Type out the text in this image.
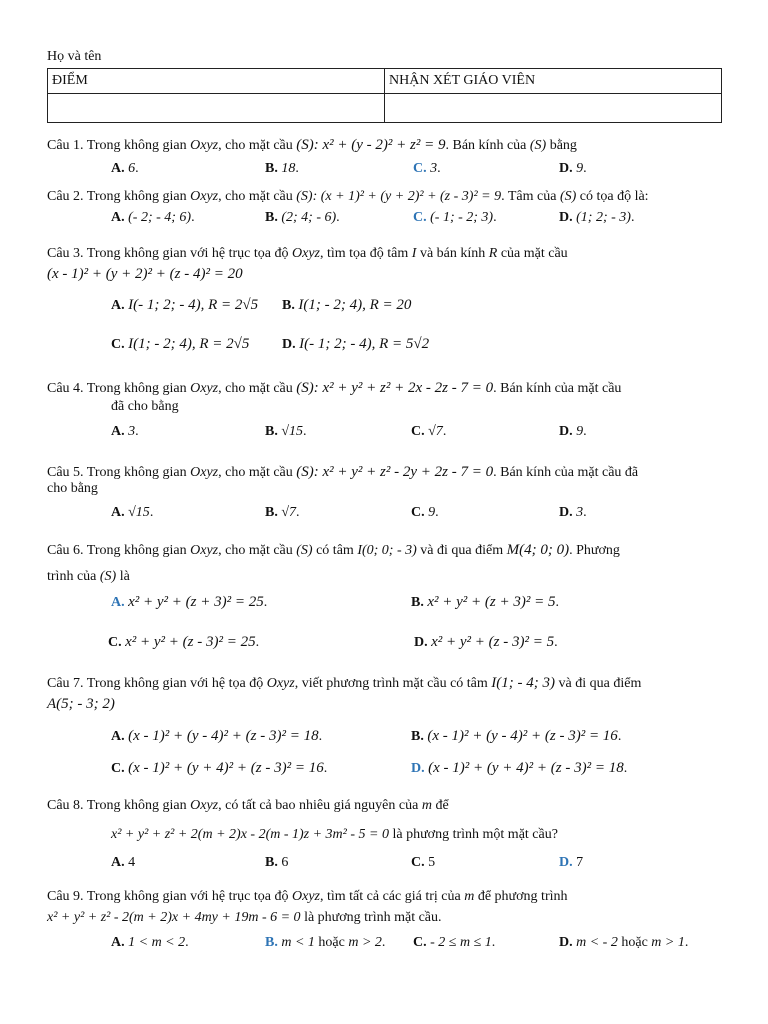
Họ và tên
ĐIỂM	NHẬN XÉT GIÁO VIÊN

Câu 1. Trong không gian Oxyz, cho mặt cầu (S): x² + (y - 2)² + z² = 9. Bán kính của (S) bằng
A. 6.	B. 18.	C. 3.	D. 9.
Câu 2. Trong không gian Oxyz, cho mặt cầu (S): (x + 1)² + (y + 2)² + (z - 3)² = 9. Tâm của (S) có tọa độ là:
A. (- 2; - 4; 6).	B. (2; 4; - 6).	C. (- 1; - 2; 3).	D. (1; 2; - 3).
Câu 3. Trong không gian với hệ trục tọa độ Oxyz, tìm tọa độ tâm I và bán kính R của mặt cầu
(x - 1)² + (y + 2)² + (z - 4)² = 20
A. I(- 1; 2; - 4), R = 2√5 B. I(1; - 2; 4), R = 20
C. I(1; - 2; 4), R = 2√5 D. I(- 1; 2; - 4), R = 5√2
Câu 4. Trong không gian Oxyz, cho mặt cầu (S): x² + y² + z² + 2x - 2z - 7 = 0. Bán kính của mặt cầu
đã cho bằng
A. 3.	B. √15.	C. √7.	D. 9.
Câu 5. Trong không gian Oxyz, cho mặt cầu (S): x² + y² + z² - 2y + 2z - 7 = 0. Bán kính của mặt cầu đã
cho bằng
A. √15.	B. √7.	C. 9.	D. 3.
Câu 6. Trong không gian Oxyz, cho mặt cầu (S) có tâm I(0; 0; - 3) và đi qua điểm M(4; 0; 0). Phương
trình của (S) là
A. x² + y² + (z + 3)² = 25.	B. x² + y² + (z + 3)² = 5.
C. x² + y² + (z - 3)² = 25.	D. x² + y² + (z - 3)² = 5.
Câu 7. Trong không gian với hệ tọa độ Oxyz, viết phương trình mặt cầu có tâm I(1; - 4; 3) và đi qua điểm
A(5; - 3; 2)
A. (x - 1)² + (y - 4)² + (z - 3)² = 18.	B. (x - 1)² + (y - 4)² + (z - 3)² = 16.
C. (x - 1)² + (y + 4)² + (z - 3)² = 16.	D. (x - 1)² + (y + 4)² + (z - 3)² = 18.
Câu 8. Trong không gian Oxyz, có tất cả bao nhiêu giá nguyên của m để
x² + y² + z² + 2(m + 2)x - 2(m - 1)z + 3m² - 5 = 0 là phương trình một mặt cầu?
A. 4	B. 6	C. 5	D. 7
Câu 9. Trong không gian với hệ trục tọa độ Oxyz, tìm tất cả các giá trị của m để phương trình
x² + y² + z² - 2(m + 2)x + 4my + 19m - 6 = 0 là phương trình mặt cầu.
A. 1 < m < 2.	B. m < 1 hoặc m > 2. C. - 2 ≤ m ≤ 1.	D. m < - 2 hoặc m > 1.
